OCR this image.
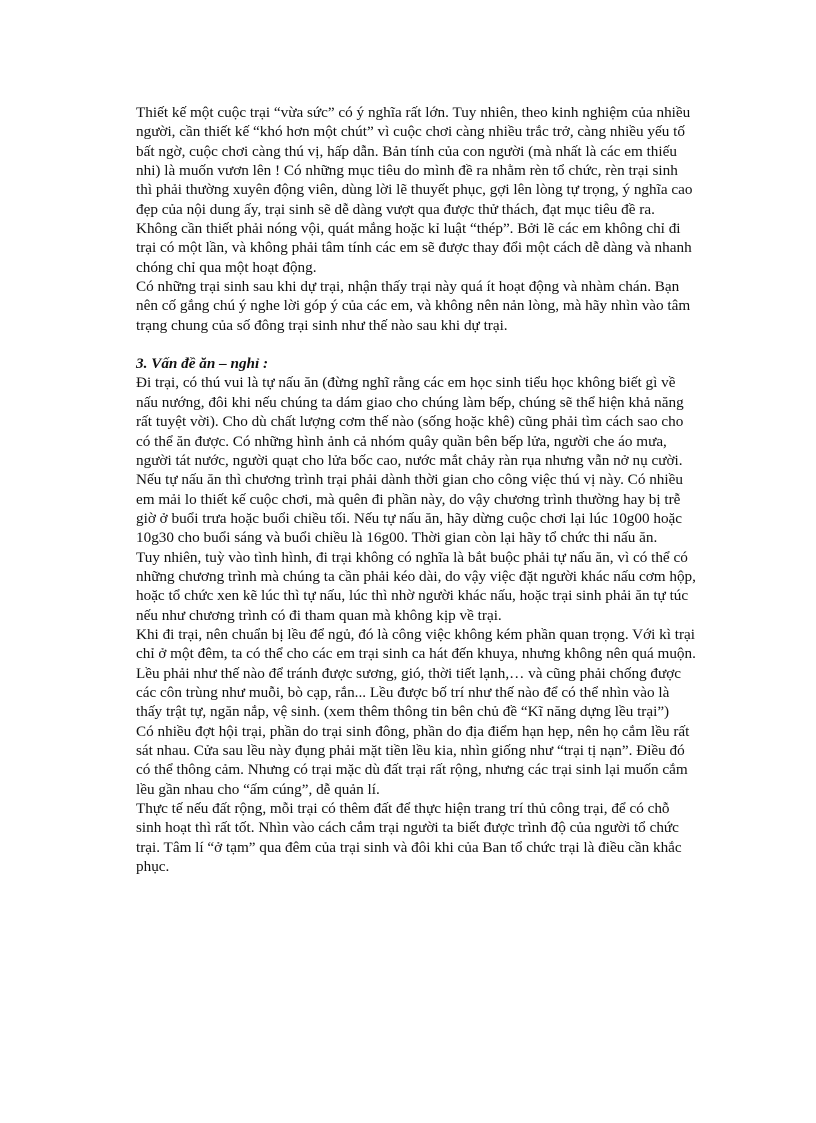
Thiết kế một cuộc trại “vừa sức” có ý nghĩa rất lớn. Tuy nhiên, theo kinh nghiệm của nhiều người, cần thiết kế “khó hơn một chút” vì cuộc chơi càng nhiều trắc trở, càng nhiều yếu tố bất ngờ, cuộc chơi càng thú vị, hấp dẫn. Bản tính của con người (mà nhất là các em thiếu nhi) là muốn vươn lên ! Có những mục tiêu do mình đề ra nhằm rèn tổ chức, rèn trại sinh thì phải thường xuyên động viên, dùng lời lẽ thuyết phục, gợi lên lòng tự trọng, ý nghĩa cao đẹp của nội dung ấy, trại sinh sẽ dễ dàng vượt qua được thử thách, đạt mục tiêu đề ra. Không cần thiết phải nóng vội, quát mắng hoặc kỉ luật “thép”. Bởi lẽ các em không chỉ đi trại có một lần, và không phải tâm tính các em sẽ được thay đổi một cách dễ dàng và nhanh chóng chỉ qua một hoạt động.

Có những trại sinh sau khi dự trại, nhận thấy trại này quá ít hoạt động và nhàm chán. Bạn nên cố gắng chú ý nghe lời góp ý của các em, và không nên nản lòng, mà hãy nhìn vào tâm trạng chung của số đông trại sinh như thế nào sau khi dự trại.

3. Vấn đề ăn – nghỉ :

Đi trại, có thú vui là tự nấu ăn (đừng nghĩ rằng các em học sinh tiểu học không biết gì về nấu nướng, đôi khi nếu chúng ta dám giao cho chúng làm bếp, chúng sẽ thể hiện khả năng rất tuyệt vời). Cho dù chất lượng cơm thế nào (sống hoặc khê) cũng phải tìm cách sao cho có thể ăn được. Có những hình ảnh cả nhóm quây quần bên bếp lửa, người che áo mưa, người tát nước, người quạt cho lửa bốc cao, nước mắt chảy ràn rụa nhưng vẫn nở nụ cười.

Nếu tự nấu ăn thì chương trình trại phải dành thời gian cho công việc thú vị này. Có nhiều em mải lo thiết kế cuộc chơi, mà quên đi phần này, do vậy chương trình thường hay bị trễ giờ ở buổi trưa hoặc buổi chiều tối. Nếu tự nấu ăn, hãy dừng cuộc chơi lại lúc 10g00 hoặc 10g30 cho buổi sáng và buổi chiều là 16g00. Thời gian còn lại hãy tổ chức thi nấu ăn.

Tuy nhiên, tuỳ vào tình hình, đi trại không có nghĩa là bắt buộc phải tự nấu ăn, vì có thể có những chương trình mà chúng ta cần phải kéo dài, do vậy việc đặt người khác nấu cơm hộp, hoặc tổ chức xen kẽ lúc thì tự nấu, lúc thì nhờ người khác nấu, hoặc trại sinh phải ăn tự túc nếu như chương trình có đi tham quan mà không kịp về trại.

Khi đi trại, nên chuẩn bị lều để ngủ, đó là công việc không kém phần quan trọng. Với kì trại chỉ ở một đêm, ta có thể cho các em trại sinh ca hát đến khuya, nhưng không nên quá muộn.

Lều phải như thế nào để tránh được sương, gió, thời tiết lạnh,… và cũng phải chống được các côn trùng như muỗi, bò cạp, rắn... Lều được bố trí như thế nào để có thể nhìn vào là thấy trật tự, ngăn nắp, vệ sinh. (xem thêm thông tin bên chủ đề “Kĩ năng dựng lều trại”)

Có nhiều đợt hội trại, phần do trại sinh đông, phần do địa điểm hạn hẹp, nên họ cắm lều rất sát nhau. Cửa sau lều này đụng phải mặt tiền lều kia, nhìn giống như “trại tị nạn”. Điều đó có thể thông cảm. Nhưng có trại mặc dù đất trại rất rộng, nhưng các trại sinh lại muốn cắm lều gần nhau cho “ấm cúng”, dễ quản lí.

Thực tế nếu đất rộng, mỗi trại có thêm đất để thực hiện trang trí thủ công trại, để có chỗ sinh hoạt thì rất tốt. Nhìn vào cách cắm trại người ta biết được trình độ của người tổ chức trại. Tâm lí “ở tạm” qua đêm của trại sinh và đôi khi của Ban tổ chức trại là điều cần khắc phục.
